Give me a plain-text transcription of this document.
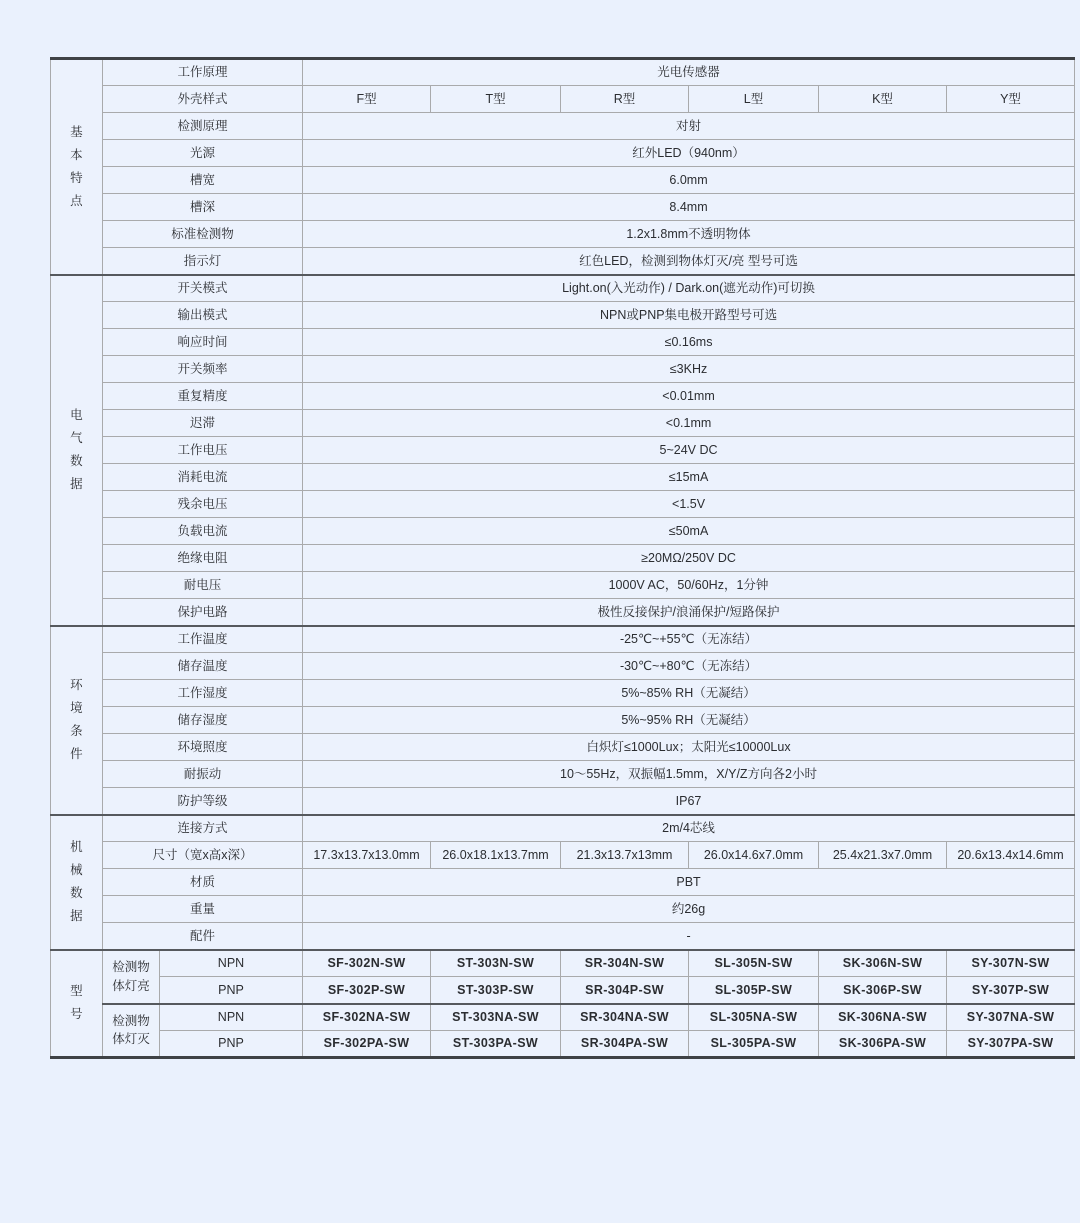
基
本
特
点	工作原理		光电传感器					
	外壳样式		F型	T型	R型	L型	K型	Y型
	检测原理		对射					
	光源		红外LED（940nm）					
	槽宽		6.0mm					
	槽深		8.4mm					
	标准检测物		1.2x1.8mm不透明物体					
	指示灯		红色LED，检测到物体灯灭/亮 型号可选					

电
气
数
据	开关模式		Light.on(入光动作) / Dark.on(遮光动作)可切换					
	输出模式		NPN或PNP集电极开路型号可选					
	响应时间		≤0.16ms					
	开关频率		≤3KHz					
	重复精度		<0.01mm					
	迟滞		<0.1mm					
	工作电压		5~24V DC					
	消耗电流		≤15mA					
	残余电压		<1.5V					
	负载电流		≤50mA					
	绝缘电阻		≥20MΩ/250V DC					
	耐电压		1000V AC，50/60Hz，1分钟					
	保护电路		极性反接保护/浪涌保护/短路保护					

环
境
条
件	工作温度		-25℃~+55℃（无冻结）					
	储存温度		-30℃~+80℃（无冻结）					
	工作湿度		5%~85% RH（无凝结）					
	储存湿度		5%~95% RH（无凝结）					
	环境照度		白炽灯≤1000Lux；太阳光≤10000Lux					
	耐振动		10～55Hz，双振幅1.5mm，X/Y/Z方向各2小时					
	防护等级		IP67					

机
械
数
据	连接方式		2m/4芯线					
	尺寸（宽x高x深）		17.3x13.7x13.0mm	26.0x18.1x13.7mm	21.3x13.7x13mm	26.0x14.6x7.0mm	25.4x21.3x7.0mm	20.6x13.4x14.6mm
	材质		PBT					
	重量		约26g					
	配件		-					

型
号	检测物
体灯亮	NPN	SF-302N-SW	ST-303N-SW	SR-304N-SW	SL-305N-SW	SK-306N-SW	SY-307N-SW
		PNP	SF-302P-SW	ST-303P-SW	SR-304P-SW	SL-305P-SW	SK-306P-SW	SY-307P-SW

	检测物
体灯灭	NPN	SF-302NA-SW	ST-303NA-SW	SR-304NA-SW	SL-305NA-SW	SK-306NA-SW	SY-307NA-SW
		PNP	SF-302PA-SW	ST-303PA-SW	SR-304PA-SW	SL-305PA-SW	SK-306PA-SW	SY-307PA-SW
